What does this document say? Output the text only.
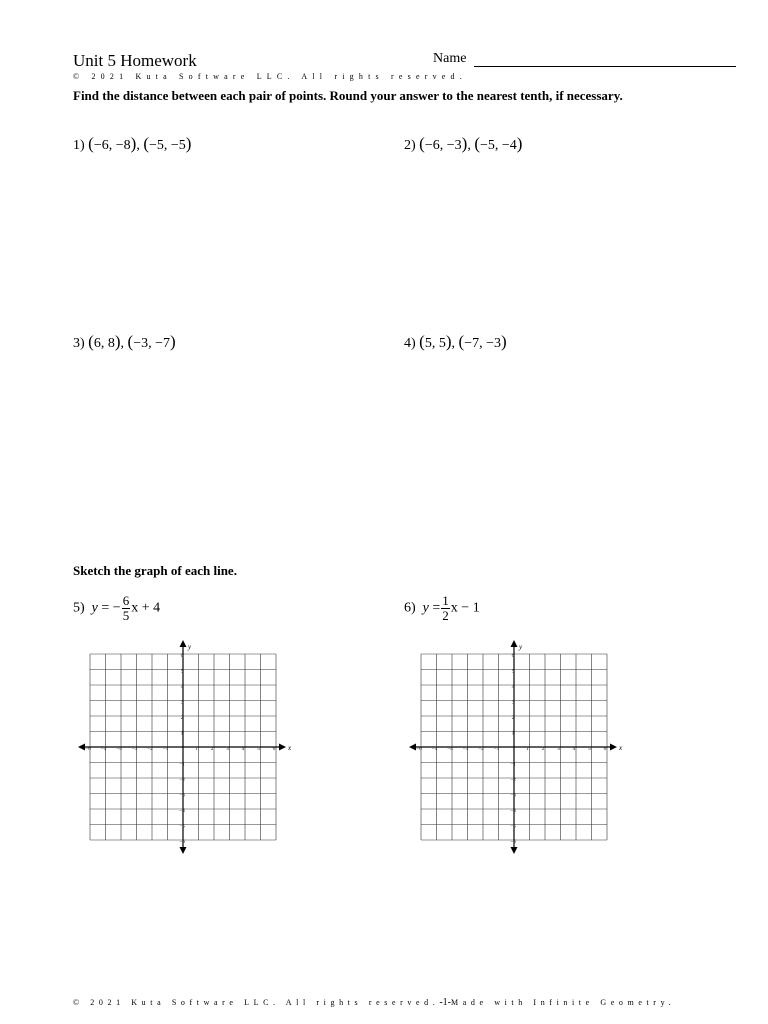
Unit 5 Homework	Name
© 2021 Kuta Software LLC. All rights reserved.
Find the distance between each pair of points. Round your answer to the nearest tenth, if necessary.
1) (−6, −8), (−5, −5)	2) (−6, −3), (−5, −4)
3) (6, 8), (−3, −7)	4) (5, 5), (−7, −3)
Sketch the graph of each line.
5) y = − $\frac{6}{5}$ x + 4	6) $y = \frac{1}{2}$ x − 1
x
y
−6 −5 −4 −3 −2 −1	1 2 3 4 5 6
6
5
4
3
2
1
−1
−2
−3
−4
−5
−6
x
y
−6 −5 −4 −3 −2 −1	1 2 3 4 5 6
6
5
4
3
2
1
−1
−2
−3
−4
−5
−6
© 2021 Kuta Software LLC. All rights reserved.-1-Made with Infinite Geometry.
